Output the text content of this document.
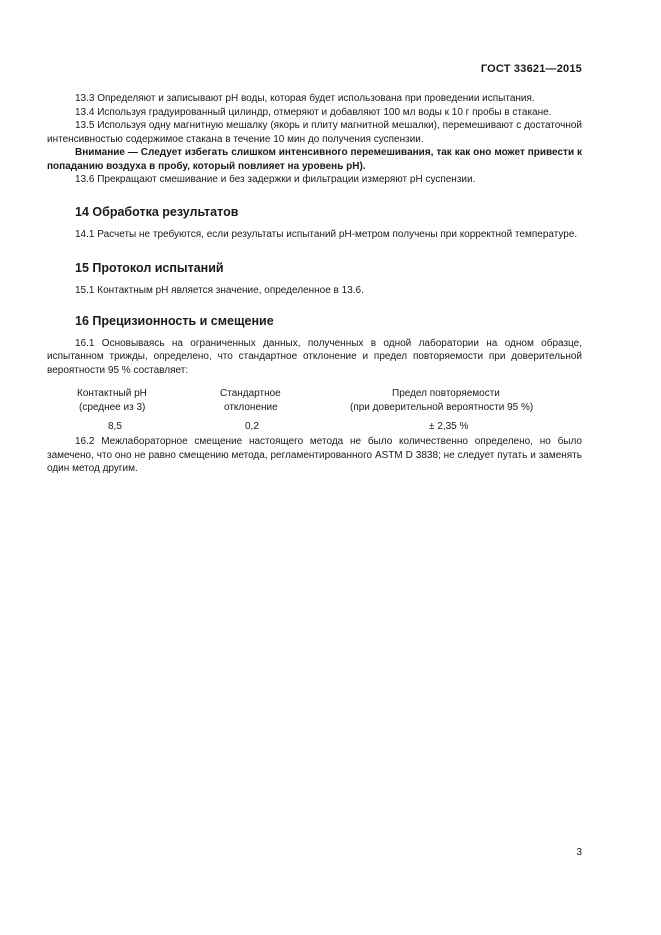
ГОСТ 33621—2015

13.3 Определяют и записывают pH воды, которая будет использована при проведении испытания.

13.4 Используя градуированный цилиндр, отмеряют и добавляют 100 мл воды к 10 г пробы в стакане.

13.5 Используя одну магнитную мешалку (якорь и плиту магнитной мешалки), перемешивают с достаточной интенсивностью содержимое стакана в течение 10 мин до получения суспензии.

Внимание — Следует избегать слишком интенсивного перемешивания, так как оно может привести к попаданию воздуха в пробу, который повлияет на уровень pH).

13.6 Прекращают смешивание и без задержки и фильтрации измеряют pH суспензии.

14 Обработка результатов

14.1 Расчеты не требуются, если результаты испытаний pH-метром получены при корректной температуре.

15 Протокол испытаний

15.1 Контактным pH является значение, определенное в 13.6.

16 Прецизионность и смещение

16.1 Основываясь на ограниченных данных, полученных в одной лаборатории на одном образце, испытанном трижды, определено, что стандартное отклонение и предел повторяемости при доверительной вероятности 95 % составляет:

Контактный pH
(среднее из 3)
Стандартное
отклонение
Предел повторяемости
(при доверительной вероятности 95 %)
8,5	0,2	± 2,35 %

16.2 Межлабораторное смещение настоящего метода не было количественно определено, но было замечено, что оно не равно смещению метода, регламентированного ASTM D 3838; не следует путать и заменять один метод другим.

3
